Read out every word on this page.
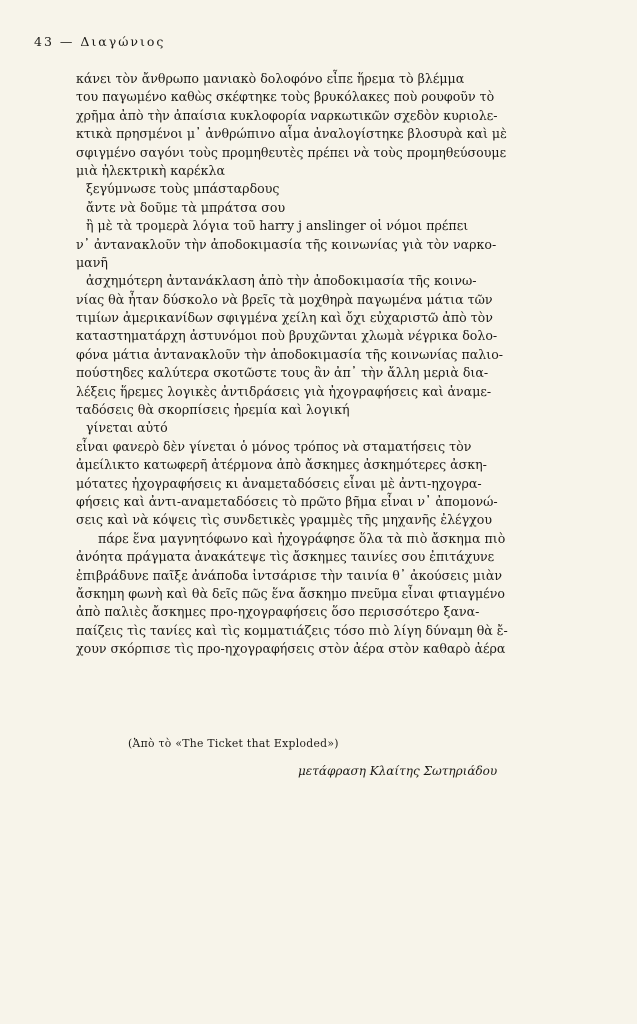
43 — Διαγώνιος
κάνει τὸν ἄνθρωπο μανιακὸ δολοφόνο εἶπε ἥρεμα τὸ βλέμμα
του παγωμένο καθὼς σκέφτηκε τοὺς βρυκόλακες ποὺ ρουφοῦν τὸ
χρῆμα ἀπὸ τὴν ἀπαίσια κυκλοφορία ναρκωτικῶν σχεδὸν κυριολε-
κτικὰ πρησμένοι μ᾿ ἀνθρώπινο αἷμα ἀναλογίστηκε βλοσυρὰ καὶ μὲ
σφιγμένο σαγόνι τοὺς προμηθευτὲς πρέπει νὰ τοὺς προμηθεύσουμε
μιὰ ἠλεκτρικὴ καρέκλα
ξεγύμνωσε τοὺς μπάσταρδους
ἄντε νὰ δοῦμε τὰ μπράτσα σου
ἢ μὲ τὰ τρομερὰ λόγια τοῦ harry j anslinger οἱ νόμοι πρέπει
ν᾿ ἀντανακλοῦν τὴν ἀποδοκιμασία τῆς κοινωνίας γιὰ τὸν ναρκο-
μανῆ
ἀσχημότερη ἀντανάκλαση ἀπὸ τὴν ἀποδοκιμασία τῆς κοινω-
νίας θὰ ἦταν δύσκολο νὰ βρεῖς τὰ μοχθηρὰ παγωμένα μάτια τῶν
τιμίων ἀμερικανίδων σφιγμένα χείλη καὶ ὄχι εὐχαριστῶ ἀπὸ τὸν
καταστηματάρχη ἀστυνόμοι ποὺ βρυχῶνται χλωμὰ νέγρικα δολο-
φόνα μάτια ἀντανακλοῦν τὴν ἀποδοκιμασία τῆς κοινωνίας παλιο-
πούστηδες καλύτερα σκοτῶστε τους ἂν ἀπ᾿ τὴν ἄλλη μεριὰ δια-
λέξεις ἥρεμες λογικὲς ἀντιδράσεις γιὰ ἠχογραφήσεις καὶ ἀναμε-
ταδόσεις θὰ σκορπίσεις ἠρεμία καὶ λογική
γίνεται αὐτό
εἶναι φανερὸ δὲν γίνεται ὁ μόνος τρόπος νὰ σταματήσεις τὸν
ἀμείλικτο κατωφερῆ ἀτέρμονα ἀπὸ ἄσκημες ἀσκημότερες ἀσκη-
μότατες ἠχογραφήσεις κι ἀναμεταδόσεις εἶναι μὲ ἀντι-ηχογρα-
φήσεις καὶ ἀντι-αναμεταδόσεις τὸ πρῶτο βῆμα εἶναι ν᾿ ἀπομονώ-
σεις καὶ νὰ κόψεις τὶς συνδετικὲς γραμμὲς τῆς μηχανῆς ἐλέγχου
πάρε ἕνα μαγνητόφωνο καὶ ἠχογράφησε ὅλα τὰ πιὸ ἄσκημα πιὸ
ἀνόητα πράγματα ἀνακάτεψε τὶς ἄσκημες ταινίες σου ἐπιτάχυνε
ἐπιβράδυνε παῖξε ἀνάποδα ἰντσάρισε τὴν ταινία θ᾿ ἀκούσεις μιὰν
ἄσκημη φωνὴ καὶ θὰ δεῖς πῶς ἕνα ἄσκημο πνεῦμα εἶναι φτιαγμένο
ἀπὸ παλιὲς ἄσκημες προ-ηχογραφήσεις ὅσο περισσότερο ξανα-
παίζεις τὶς τανίες καὶ τὶς κομματιάζεις τόσο πιὸ λίγη δύναμη θὰ ἔ-
χουν σκόρπισε τὶς προ-ηχογραφήσεις στὸν ἀέρα στὸν καθαρὸ ἀέρα
(Ἀπὸ τὸ «The Ticket that Exploded»)
μετάφραση Κλαίτης Σωτηριάδου
